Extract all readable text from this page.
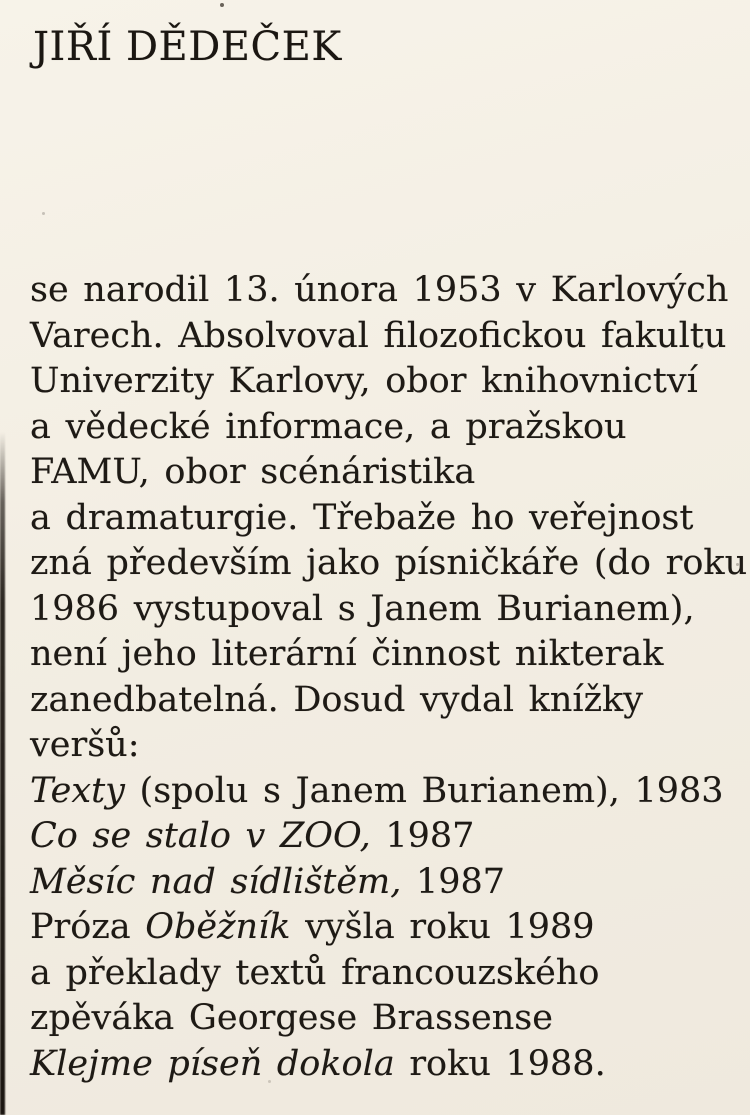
JIŘÍ DĚDEČEK
se narodil 13. února 1953 v Karlových
Varech. Absolvoval filozofickou fakultu
Univerzity Karlovy, obor knihovnictví
a vědecké informace, a pražskou
FAMU, obor scénáristika
a dramaturgie. Třebaže ho veřejnost
zná především jako písničkáře (do roku
1986 vystupoval s Janem Burianem),
není jeho literární činnost nikterak
zanedbatelná. Dosud vydal knížky
veršů:
Texty (spolu s Janem Burianem), 1983
Co se stalo v ZOO, 1987
Měsíc nad sídlištěm, 1987
Próza Oběžník vyšla roku 1989
a překlady textů francouzského
zpěváka Georgese Brassense
Klejme píseň dokola roku 1988.
